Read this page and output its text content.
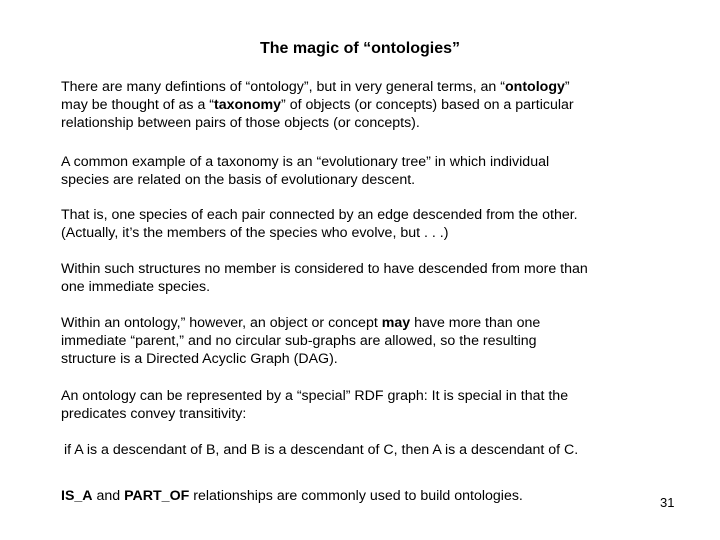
The magic of “ontologies”
There are many defintions of “ontology”, but in very general terms, an “ontology”
may be thought of as a “taxonomy” of objects (or concepts) based on a particular
relationship between pairs of those objects (or concepts).
A common example of a taxonomy is an “evolutionary tree” in which individual
species are related on the basis of evolutionary descent.
That is, one species of each pair connected by an edge descended from the other.
(Actually, it’s the members of the species who evolve, but . . .)
Within such structures no member is considered to have descended from more than
one immediate species.
Within an ontology,” however, an object or concept may have more than one
immediate “parent,” and no circular sub-graphs are allowed, so the resulting
structure is a Directed Acyclic Graph (DAG).
An ontology can be represented by a “special” RDF graph: It is special in that the
predicates convey transitivity:
if A is a descendant of B, and B is a descendant of C, then A is a descendant of C.
IS_A and PART_OF relationships are commonly used to build ontologies.	31
